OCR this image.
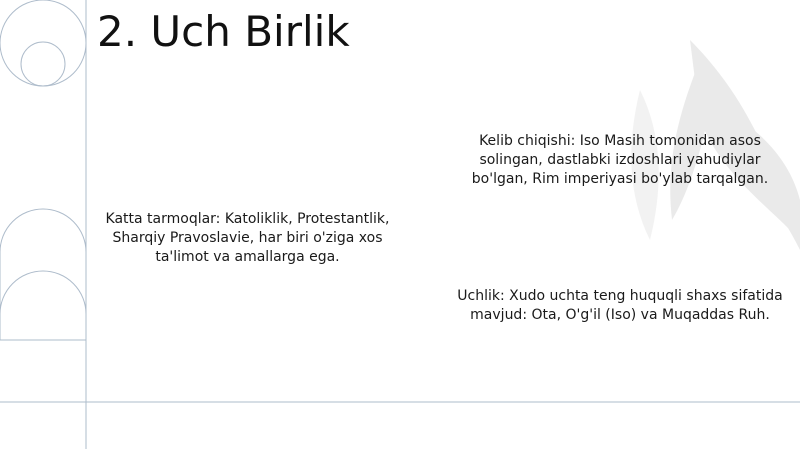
2. Uch Birlik

Kelib chiqishi: Iso Masih tomonidan asos solingan, dastlabki izdoshlari yahudiylar bo'lgan, Rim imperiyasi bo'ylab tarqalgan.

Katta tarmoqlar: Katoliklik, Protestantlik, Sharqiy Pravoslavie, har biri o'ziga xos ta'limot va amallarga ega.

Uchlik: Xudo uchta teng huquqli shaxs sifatida mavjud: Ota, O'g'il (Iso) va Muqaddas Ruh.
